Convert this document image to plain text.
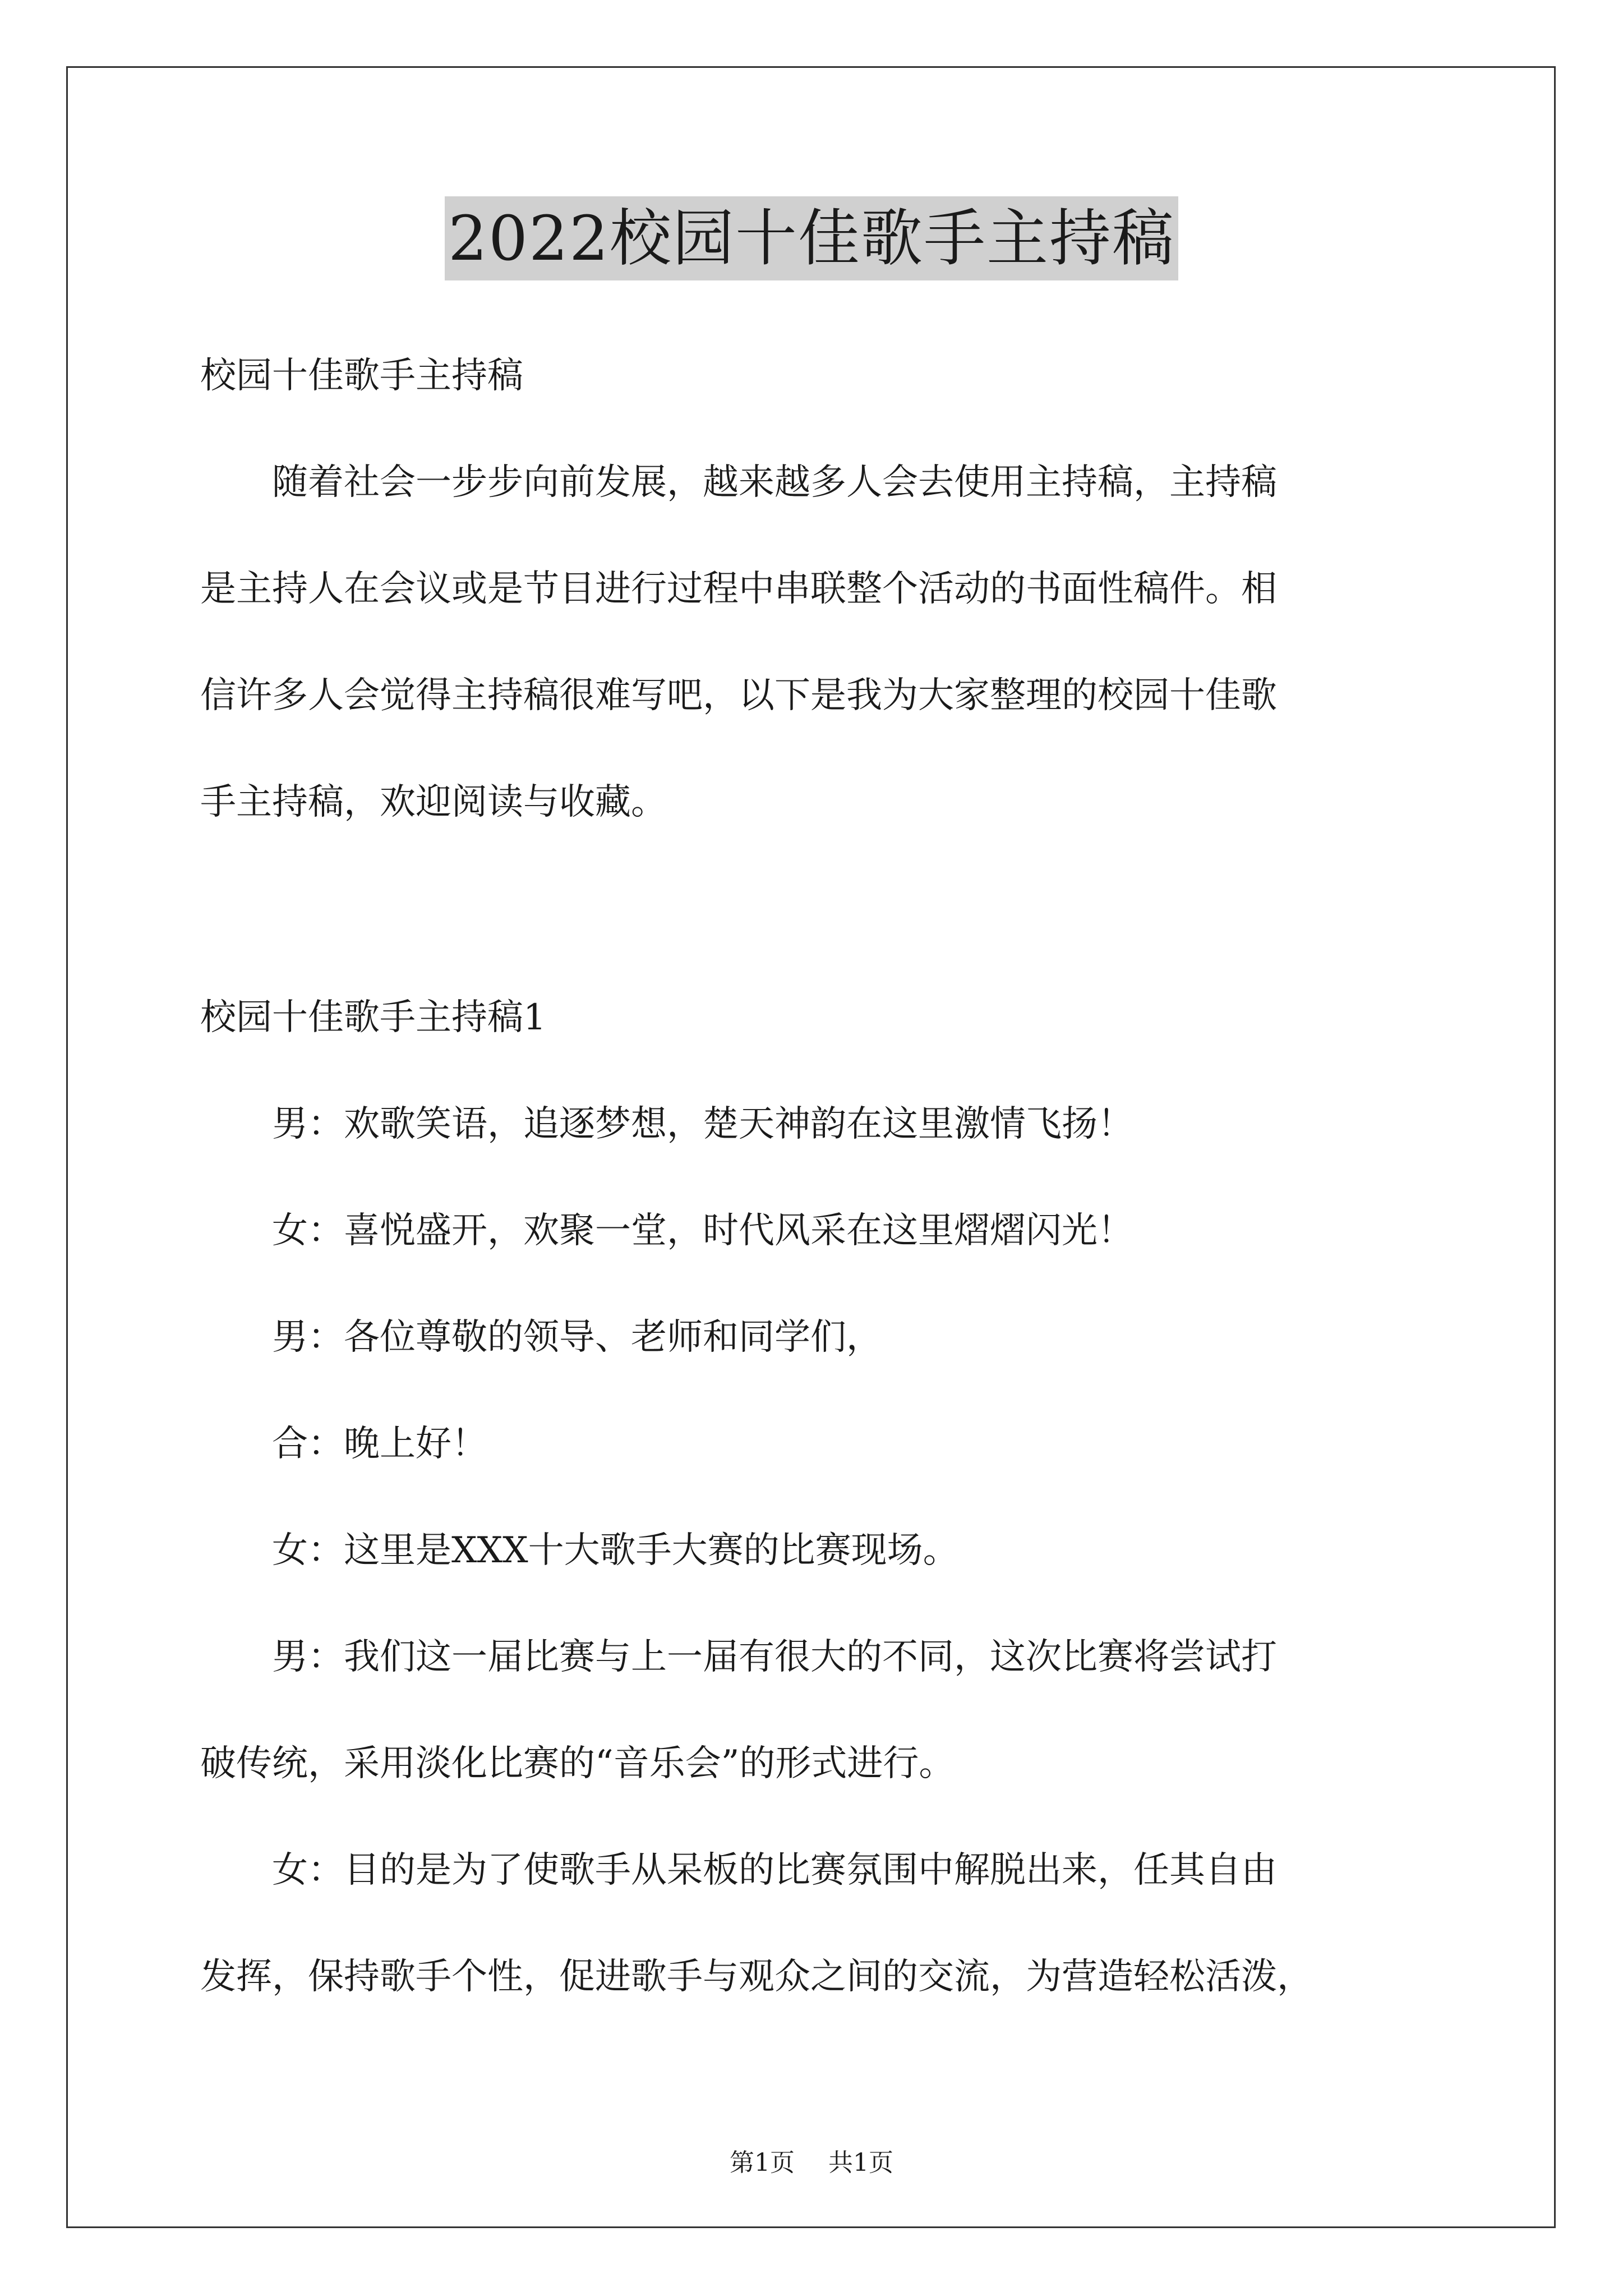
2022校园十佳歌手主持稿

校园十佳歌手主持稿

　　随着社会一步步向前发展，越来越多人会去使用主持稿，主持稿

是主持人在会议或是节目进行过程中串联整个活动的书面性稿件。相

信许多人会觉得主持稿很难写吧，以下是我为大家整理的校园十佳歌

手主持稿，欢迎阅读与收藏。

校园十佳歌手主持稿1

　　男：欢歌笑语，追逐梦想，楚天神韵在这里激情飞扬！

　　女：喜悦盛开，欢聚一堂，时代风采在这里熠熠闪光！

　　男：各位尊敬的领导、老师和同学们，

　　合：晚上好！

　　女：这里是XXX十大歌手大赛的比赛现场。

　　男：我们这一届比赛与上一届有很大的不同，这次比赛将尝试打

破传统，采用淡化比赛的“音乐会”的形式进行。

　　女：目的是为了使歌手从呆板的比赛氛围中解脱出来，任其自由

发挥，保持歌手个性，促进歌手与观众之间的交流，为营造轻松活泼，

第1页 共1页
